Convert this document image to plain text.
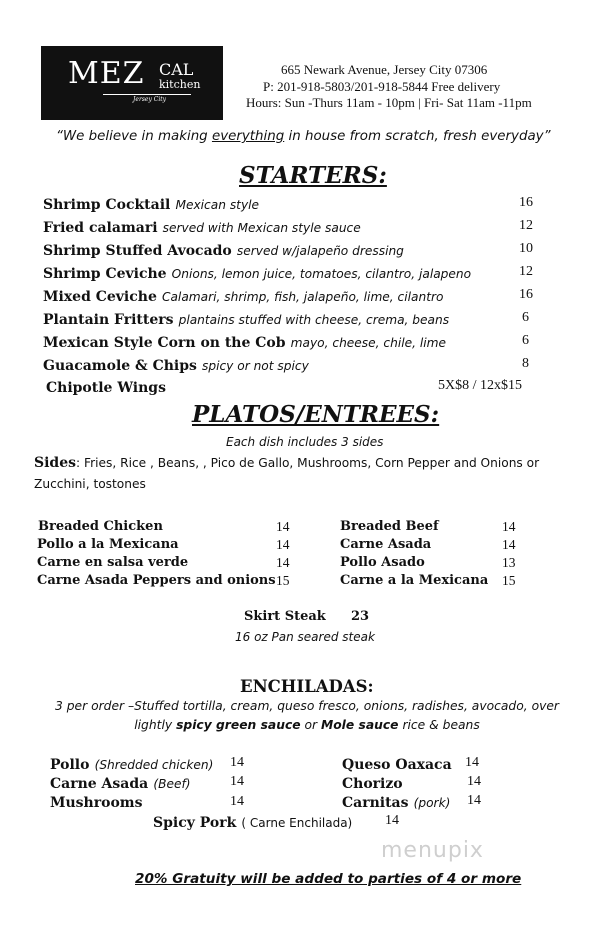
MEZ CAL
kitchen
Jersey City
665 Newark Avenue, Jersey City 07306
P: 201-918-5803/201-918-5844 Free delivery
Hours: Sun -Thurs 11am - 10pm | Fri- Sat 11am -11pm
“We believe in making everything in house from scratch, fresh everyday”
STARTERS:
Shrimp Cocktail Mexican style	16
Fried calamari served with Mexican style sauce	12
Shrimp Stuffed Avocado served w/jalapeño dressing	10
Shrimp Ceviche Onions, lemon juice, tomatoes, cilantro, jalapeno	12
Mixed Ceviche Calamari, shrimp, fish, jalapeño, lime, cilantro	16
Plantain Fritters plantains stuffed with cheese, crema, beans	6
Mexican Style Corn on the Cob mayo, cheese, chile, lime	6
Guacamole & Chips spicy or not spicy	8
Chipotle Wings	5X$8 / 12x$15
PLATOS/ENTREES:
Each dish includes 3 sides
Sides: Fries, Rice , Beans, , Pico de Gallo, Mushrooms, Corn Pepper and Onions or Zucchini, tostones
Breaded Chicken	14
Pollo a la Mexicana	14
Carne en salsa verde	14
Carne Asada Peppers and onions 15
Breaded Beef	14
Carne Asada	14
Pollo Asado	13
Carne a la Mexicana 15
Skirt Steak 23
16 oz Pan seared steak
ENCHILADAS:
3 per order –Stuffed tortilla, cream, queso fresco, onions, radishes, avocado, over lightly spicy green sauce or Mole sauce rice & beans
Pollo (Shredded chicken) 14
Carne Asada (Beef)	14
Mushrooms	14
Queso Oaxaca 14
Chorizo	14
Carnitas (pork) 14
Spicy Pork ( Carne Enchilada) 14
menupix
20% Gratuity will be added to parties of 4 or more
